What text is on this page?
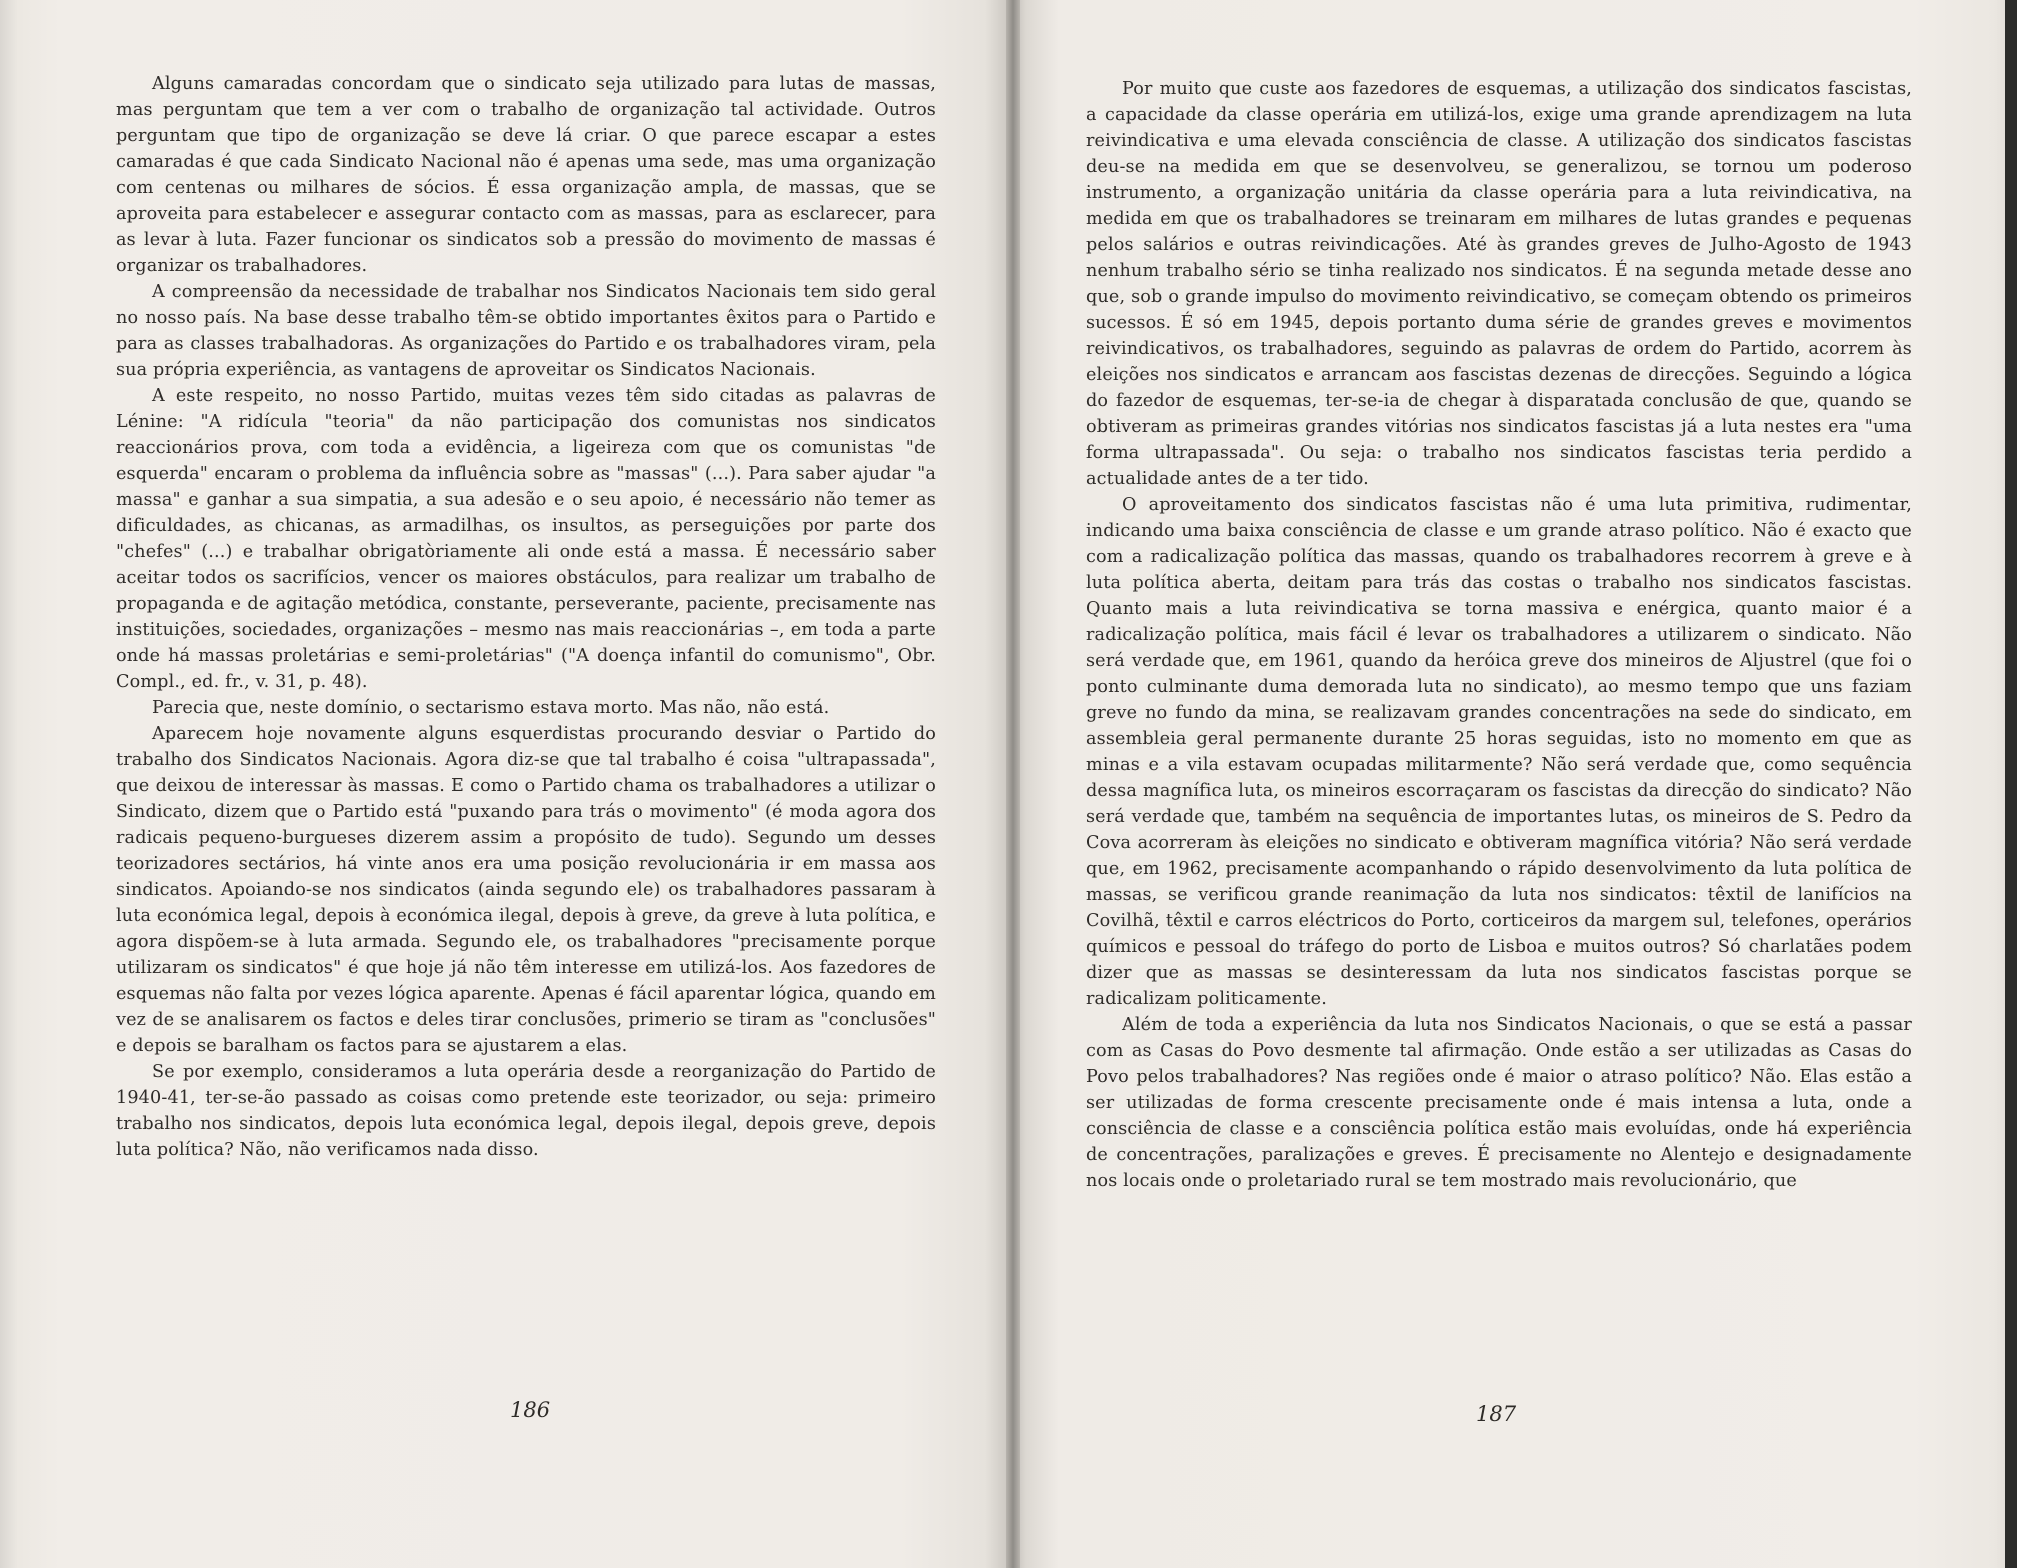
Alguns camaradas concordam que o sindicato seja utilizado para lutas de massas, mas perguntam que tem a ver com o trabalho de organização tal actividade. Outros perguntam que tipo de organização se deve lá criar. O que parece escapar a estes camaradas é que cada Sindicato Nacional não é apenas uma sede, mas uma organização com centenas ou milhares de sócios. É essa organização ampla, de massas, que se aproveita para estabelecer e assegurar contacto com as massas, para as esclarecer, para as levar à luta. Fazer funcionar os sindicatos sob a pressão do movimento de massas é organizar os trabalhadores.

A compreensão da necessidade de trabalhar nos Sindicatos Nacionais tem sido geral no nosso país. Na base desse trabalho têm-se obtido importantes êxitos para o Partido e para as classes trabalhadoras. As organizações do Partido e os trabalhadores viram, pela sua própria experiência, as vantagens de aproveitar os Sindicatos Nacionais.

A este respeito, no nosso Partido, muitas vezes têm sido citadas as palavras de Lénine: "A ridícula "teoria" da não participação dos comunistas nos sindicatos reaccionários prova, com toda a evidência, a ligeireza com que os comunistas "de esquerda" encaram o problema da influência sobre as "massas" (...). Para saber ajudar "a massa" e ganhar a sua simpatia, a sua adesão e o seu apoio, é necessário não temer as dificuldades, as chicanas, as armadilhas, os insultos, as perseguições por parte dos "chefes" (...) e trabalhar obrigatòriamente ali onde está a massa. É necessário saber aceitar todos os sacrifícios, vencer os maiores obstáculos, para realizar um trabalho de propaganda e de agitação metódica, constante, perseverante, paciente, precisamente nas instituições, sociedades, organizações – mesmo nas mais reaccionárias –, em toda a parte onde há massas proletárias e semi-proletárias" ("A doença infantil do comunismo", Obr. Compl., ed. fr., v. 31, p. 48).

Parecia que, neste domínio, o sectarismo estava morto. Mas não, não está.

Aparecem hoje novamente alguns esquerdistas procurando desviar o Partido do trabalho dos Sindicatos Nacionais. Agora diz-se que tal trabalho é coisa "ultrapassada", que deixou de interessar às massas. E como o Partido chama os trabalhadores a utilizar o Sindicato, dizem que o Partido está "puxando para trás o movimento" (é moda agora dos radicais pequeno-burgueses dizerem assim a propósito de tudo). Segundo um desses teorizadores sectários, há vinte anos era uma posição revolucionária ir em massa aos sindicatos. Apoiando-se nos sindicatos (ainda segundo ele) os trabalhadores passaram à luta económica legal, depois à económica ilegal, depois à greve, da greve à luta política, e agora dispõem-se à luta armada. Segundo ele, os trabalhadores "precisamente porque utilizaram os sindicatos" é que hoje já não têm interesse em utilizá-los. Aos fazedores de esquemas não falta por vezes lógica aparente. Apenas é fácil aparentar lógica, quando em vez de se analisarem os factos e deles tirar conclusões, primerio se tiram as "conclusões" e depois se baralham os factos para se ajustarem a elas.

Se por exemplo, consideramos a luta operária desde a reorganização do Partido de 1940-41, ter-se-ão passado as coisas como pretende este teorizador, ou seja: primeiro trabalho nos sindicatos, depois luta económica legal, depois ilegal, depois greve, depois luta política? Não, não verificamos nada disso.

186

Por muito que custe aos fazedores de esquemas, a utilização dos sindicatos fascistas, a capacidade da classe operária em utilizá-los, exige uma grande aprendizagem na luta reivindicativa e uma elevada consciência de classe. A utilização dos sindicatos fascistas deu-se na medida em que se desenvolveu, se generalizou, se tornou um poderoso instrumento, a organização unitária da classe operária para a luta reivindicativa, na medida em que os trabalhadores se treinaram em milhares de lutas grandes e pequenas pelos salários e outras reivindicações. Até às grandes greves de Julho-Agosto de 1943 nenhum trabalho sério se tinha realizado nos sindicatos. É na segunda metade desse ano que, sob o grande impulso do movimento reivindicativo, se começam obtendo os primeiros sucessos. É só em 1945, depois portanto duma série de grandes greves e movimentos reivindicativos, os trabalhadores, seguindo as palavras de ordem do Partido, acorrem às eleições nos sindicatos e arrancam aos fascistas dezenas de direcções. Seguindo a lógica do fazedor de esquemas, ter-se-ia de chegar à disparatada conclusão de que, quando se obtiveram as primeiras grandes vitórias nos sindicatos fascistas já a luta nestes era "uma forma ultrapassada". Ou seja: o trabalho nos sindicatos fascistas teria perdido a actualidade antes de a ter tido.

O aproveitamento dos sindicatos fascistas não é uma luta primitiva, rudimentar, indicando uma baixa consciência de classe e um grande atraso político. Não é exacto que com a radicalização política das massas, quando os trabalhadores recorrem à greve e à luta política aberta, deitam para trás das costas o trabalho nos sindicatos fascistas. Quanto mais a luta reivindicativa se torna massiva e enérgica, quanto maior é a radicalização política, mais fácil é levar os trabalhadores a utilizarem o sindicato. Não será verdade que, em 1961, quando da heróica greve dos mineiros de Aljustrel (que foi o ponto culminante duma demorada luta no sindicato), ao mesmo tempo que uns faziam greve no fundo da mina, se realizavam grandes concentrações na sede do sindicato, em assembleia geral permanente durante 25 horas seguidas, isto no momento em que as minas e a vila estavam ocupadas militarmente? Não será verdade que, como sequência dessa magnífica luta, os mineiros escorraçaram os fascistas da direcção do sindicato? Não será verdade que, também na sequência de importantes lutas, os mineiros de S. Pedro da Cova acorreram às eleições no sindicato e obtiveram magnífica vitória? Não será verdade que, em 1962, precisamente acompanhando o rápido desenvolvimento da luta política de massas, se verificou grande reanimação da luta nos sindicatos: têxtil de lanifícios na Covilhã, têxtil e carros eléctricos do Porto, corticeiros da margem sul, telefones, operários químicos e pessoal do tráfego do porto de Lisboa e muitos outros? Só charlatães podem dizer que as massas se desinteressam da luta nos sindicatos fascistas porque se radicalizam politicamente.

Além de toda a experiência da luta nos Sindicatos Nacionais, o que se está a passar com as Casas do Povo desmente tal afirmação. Onde estão a ser utilizadas as Casas do Povo pelos trabalhadores? Nas regiões onde é maior o atraso político? Não. Elas estão a ser utilizadas de forma crescente precisamente onde é mais intensa a luta, onde a consciência de classe e a consciência política estão mais evoluídas, onde há experiência de concentrações, paralizações e greves. É precisamente no Alentejo e designadamente nos locais onde o proletariado rural se tem mostrado mais revolucionário, que

187
